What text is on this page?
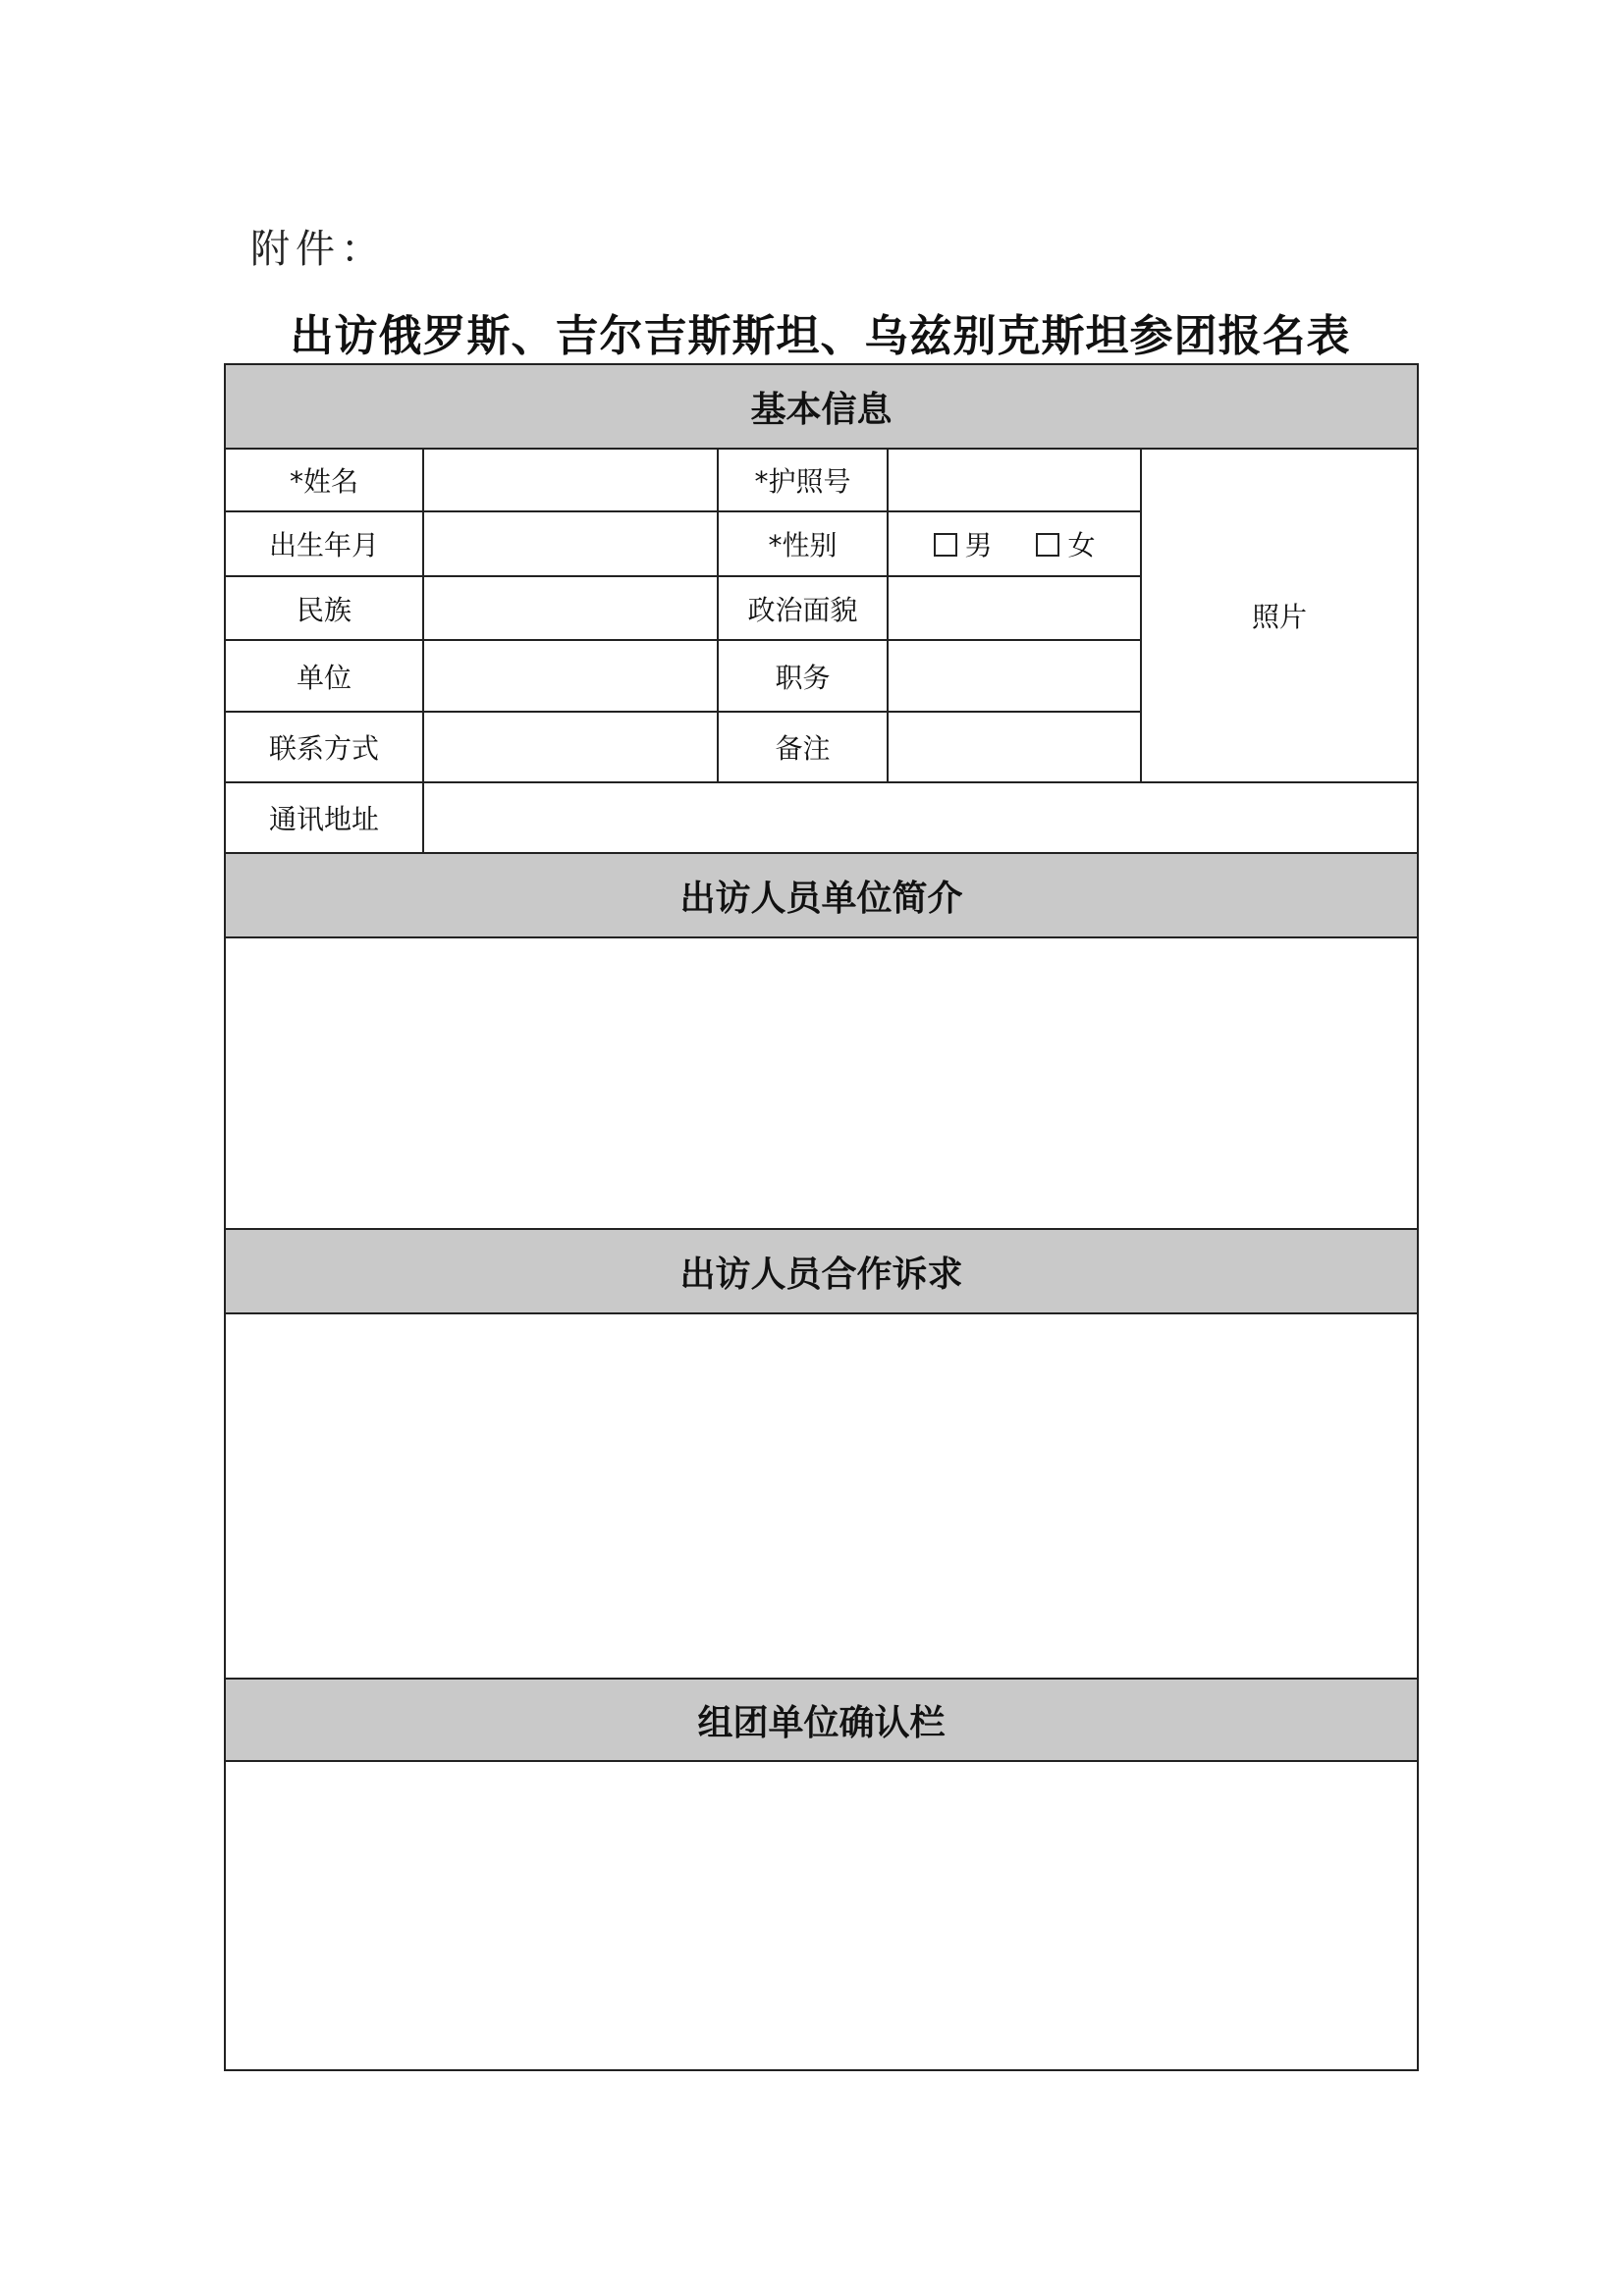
附件：
出访俄罗斯、吉尔吉斯斯坦、乌兹别克斯坦参团报名表
基本信息				
*姓名		*护照号		照片
出生年月		*性别	男 女	
民族		政治面貌		
单位		职务		
联系方式		备注		
通讯地址				
出访人员单位简介				

出访人员合作诉求				

组团单位确认栏				
